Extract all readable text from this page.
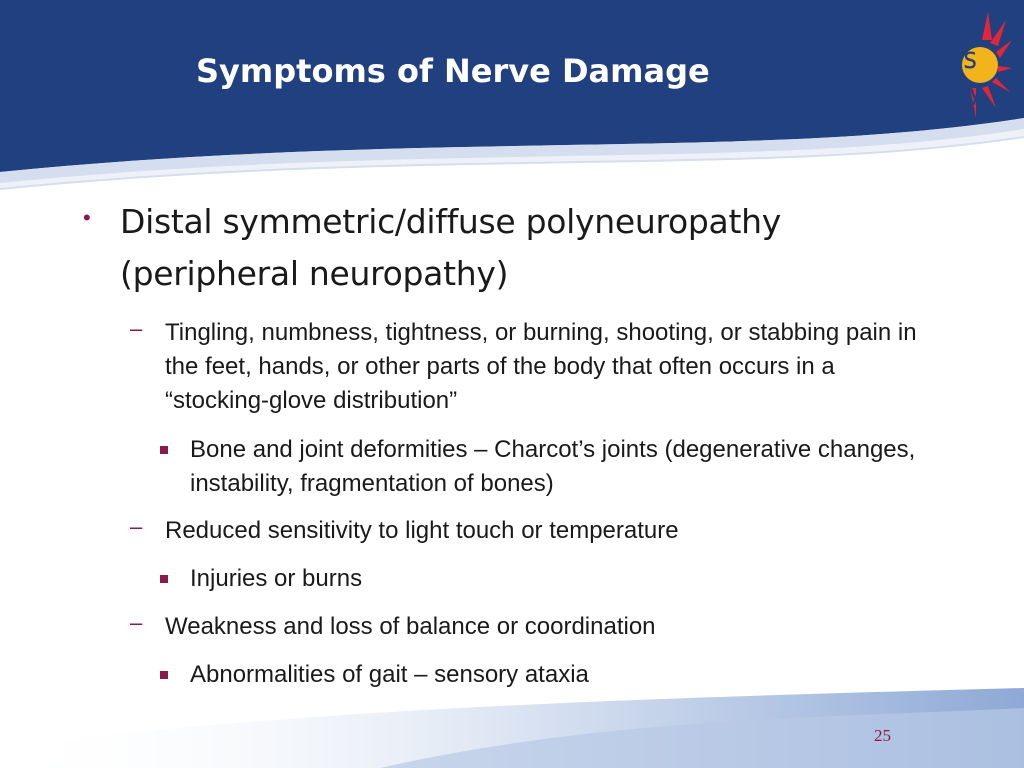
Symptoms of Nerve Damage	Pinellas
County
• Distal symmetric/diffuse polyneuropathy (peripheral neuropathy)
– Tingling, numbness, tightness, or burning, shooting, or stabbing pain in the feet, hands, or other parts of the body that often occurs in a “stocking-glove distribution”
Bone and joint deformities – Charcot’s joints (degenerative changes, instability, fragmentation of bones)
– Reduced sensitivity to light touch or temperature
Injuries or burns
– Weakness and loss of balance or coordination
Abnormalities of gait – sensory ataxia
25
